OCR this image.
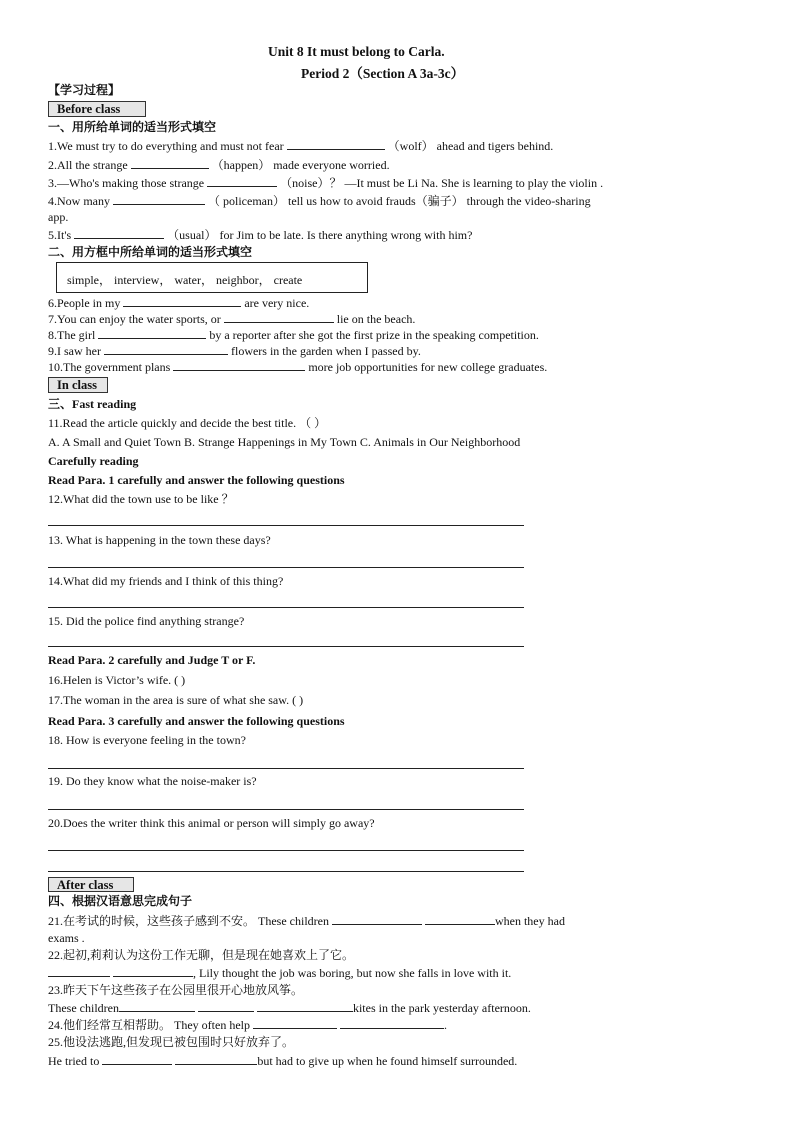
Unit 8 It must belong to Carla.
Period 2（Section A 3a-3c）
【学习过程】
Before class
一、用所给单词的适当形式填空
1.We must try to do everything and must not fear	（wolf） ahead and tigers behind.
2.All the strange	（happen） made everyone worried.
3.—Who's making those strange	（noise）？ —It must be Li Na. She is learning to play the violin .
4.Now many	（ policeman） tell us how to avoid frauds（骗子） through the video-sharing
app.
5.It's	（usual） for Jim to be late. Is there anything wrong with him?
二、用方框中所给单词的适当形式填空
simple， interview， water， neighbor， create
6.People in my	are very nice.
7.You can enjoy the water sports, or	lie on the beach.
8.The girl	by a reporter after she got the first prize in the speaking competition.
9.I saw her	flowers in the garden when I passed by.
10.The government plans	more job opportunities for new college graduates.
In class
三、Fast reading
11.Read the article quickly and decide the best title. （ ）
A. A Small and Quiet Town B. Strange Happenings in My Town C. Animals in Our Neighborhood
Carefully reading
Read Para. 1 carefully and answer the following questions
12.What did the town use to be like ？
13. What is happening in the town these days?
14.What did my friends and I think of this thing?
15. Did the police find anything strange?
Read Para. 2 carefully and Judge T or F.
16.Helen is Victor’s wife. ( )
17.The woman in the area is sure of what she saw. ( )
Read Para. 3 carefully and answer the following questions
18. How is everyone feeling in the town?
19. Do they know what the noise-maker is?
20.Does the writer think this animal or person will simply go away?
After class
四、根据汉语意思完成句子
21.在考试的时候，这些孩子感到不安。 These children	when they had
exams .
22.起初,莉莉认为这份工作无聊，但是现在她喜欢上了它。
, Lily thought the job was boring, but now she falls in love with it.
23.昨天下午这些孩子在公园里很开心地放风筝。
These children	kites in the park yesterday afternoon.
24.他们经常互相帮助。 They often help	.
25.他设法逃跑,但发现已被包围时只好放弃了。
He tried to	but had to give up when he found himself surrounded.
